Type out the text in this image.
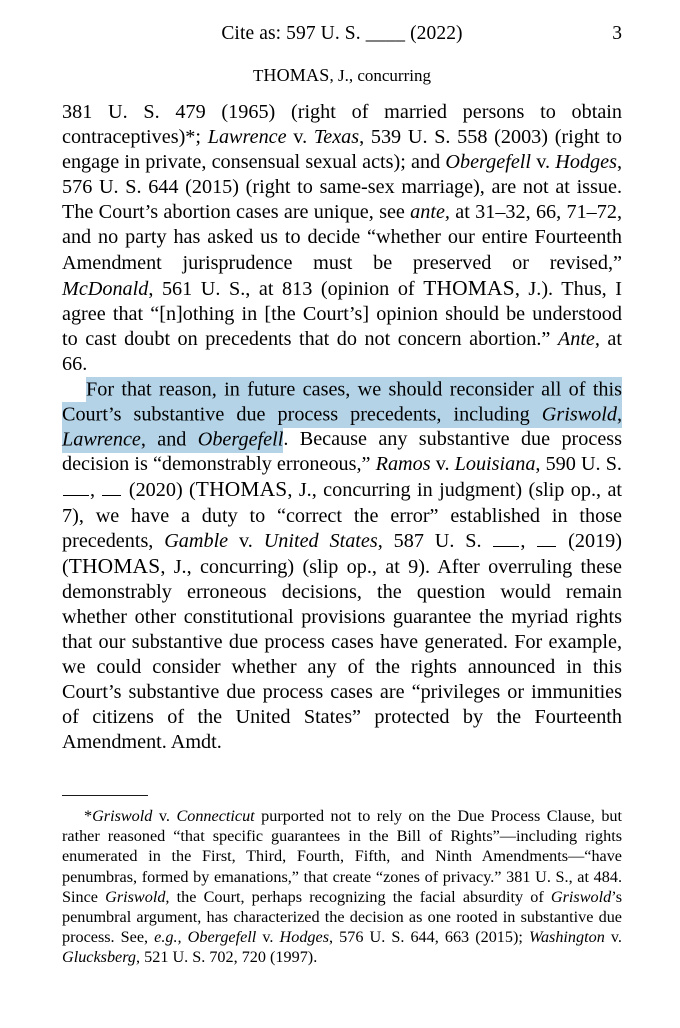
Cite as: 597 U. S. ____ (2022)	3
THOMAS, J., concurring

381 U. S. 479 (1965) (right of married persons to obtain contraceptives)*; Lawrence v. Texas, 539 U. S. 558 (2003) (right to engage in private, consensual sexual acts); and Obergefell v. Hodges, 576 U. S. 644 (2015) (right to same-sex marriage), are not at issue. The Court’s abortion cases are unique, see ante, at 31–32, 66, 71–72, and no party has asked us to decide “whether our entire Fourteenth Amendment jurisprudence must be preserved or revised,” McDonald, 561 U. S., at 813 (opinion of THOMAS, J.). Thus, I agree that “[n]othing in [the Court’s] opinion should be understood to cast doubt on precedents that do not concern abortion.” Ante, at 66.

For that reason, in future cases, we should reconsider all of this Court’s substantive due process precedents, including Griswold, Lawrence, and Obergefell. Because any substantive due process decision is “demonstrably erroneous,” Ramos v. Louisiana, 590 U. S. ,  (2020) (THOMAS, J., concurring in judgment) (slip op., at 7), we have a duty to “correct the error” established in those precedents, Gamble v. United States, 587 U. S. ,  (2019) (THOMAS, J., concurring) (slip op., at 9). After overruling these demonstrably erroneous decisions, the question would remain whether other constitutional provisions guarantee the myriad rights that our substantive due process cases have generated. For example, we could consider whether any of the rights announced in this Court’s substantive due process cases are “privileges or immunities of citizens of the United States” protected by the Fourteenth Amendment. Amdt.

*Griswold v. Connecticut purported not to rely on the Due Process Clause, but rather reasoned “that specific guarantees in the Bill of Rights”—including rights enumerated in the First, Third, Fourth, Fifth, and Ninth Amendments—“have penumbras, formed by emanations,” that create “zones of privacy.” 381 U. S., at 484. Since Griswold, the Court, perhaps recognizing the facial absurdity of Griswold’s penumbral argument, has characterized the decision as one rooted in substantive due process. See, e.g., Obergefell v. Hodges, 576 U. S. 644, 663 (2015); Washington v. Glucksberg, 521 U. S. 702, 720 (1997).
